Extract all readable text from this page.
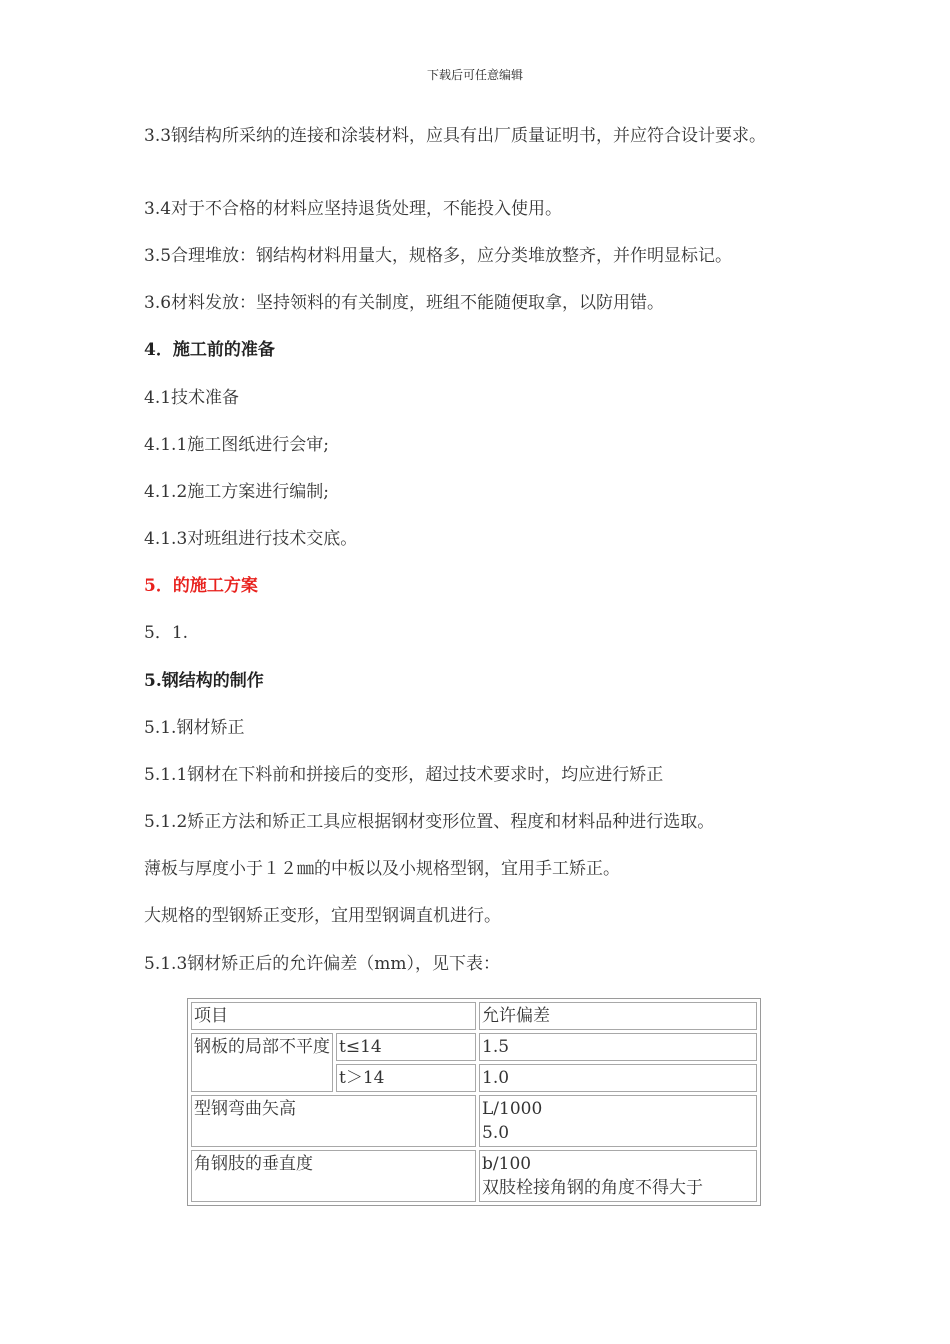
下载后可任意编辑
3.3钢结构所采纳的连接和涂装材料，应具有出厂质量证明书，并应符合设计要求。
3.4对于不合格的材料应坚持退货处理，不能投入使用。
3.5合理堆放：钢结构材料用量大，规格多，应分类堆放整齐，并作明显标记。
3.6材料发放：坚持领料的有关制度，班组不能随便取拿，以防用错。
4．施工前的准备
4.1技术准备
4.1.1施工图纸进行会审;
4.1.2施工方案进行编制;
4.1.3对班组进行技术交底。
5．的施工方案
5．1.
5.钢结构的制作
5.1.钢材矫正
5.1.1钢材在下料前和拼接后的变形，超过技术要求时，均应进行矫正
5.1.2矫正方法和矫正工具应根据钢材变形位置、程度和材料品种进行选取。
薄板与厚度小于１２㎜的中板以及小规格型钢，宜用手工矫正。
大规格的型钢矫正变形，宜用型钢调直机进行。
5.1.3钢材矫正后的允许偏差（mm），见下表：
项目		允许偏差
钢板的局部不平度	t≤14	1.5
	t＞14	1.0
型钢弯曲矢高		L/1000
5.0

角钢肢的垂直度		b/100
双肢栓接角钢的角度不得大于
